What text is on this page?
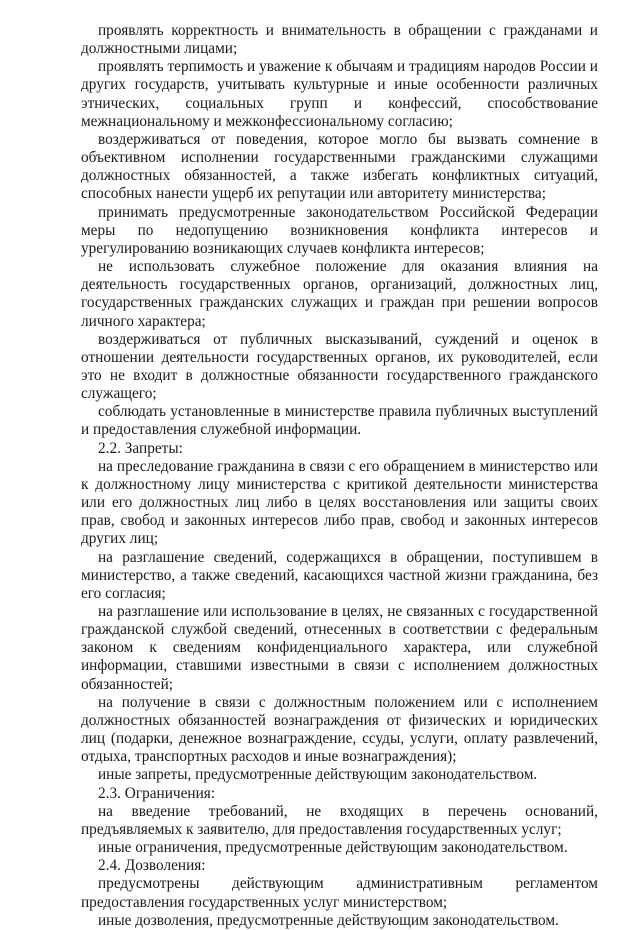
проявлять корректность и внимательность в обращении с гражданами и должностными лицами;

проявлять терпимость и уважение к обычаям и традициям народов России и других государств, учитывать культурные и иные особенности различных этнических, социальных групп и конфессий, способствование межнациональному и межконфессиональному согласию;

воздерживаться от поведения, которое могло бы вызвать сомнение в объективном исполнении государственными гражданскими служащими должностных обязанностей, а также избегать конфликтных ситуаций, способных нанести ущерб их репутации или авторитету министерства;

принимать предусмотренные законодательством Российской Федерации меры по недопущению возникновения конфликта интересов и урегулированию возникающих случаев конфликта интересов;

не использовать служебное положение для оказания влияния на деятельность государственных органов, организаций, должностных лиц, государственных гражданских служащих и граждан при решении вопросов личного характера;

воздерживаться от публичных высказываний, суждений и оценок в отношении деятельности государственных органов, их руководителей, если это не входит в должностные обязанности государственного гражданского служащего;

соблюдать установленные в министерстве правила публичных выступлений и предоставления служебной информации.

2.2. Запреты:

на преследование гражданина в связи с его обращением в министерство или к должностному лицу министерства с критикой деятельности министерства или его должностных лиц либо в целях восстановления или защиты своих прав, свобод и законных интересов либо прав, свобод и законных интересов других лиц;

на разглашение сведений, содержащихся в обращении, поступившем в министерство, а также сведений, касающихся частной жизни гражданина, без его согласия;

на разглашение или использование в целях, не связанных с государственной гражданской службой сведений, отнесенных в соответствии с федеральным законом к сведениям конфиденциального характера, или служебной информации, ставшими известными в связи с исполнением должностных обязанностей;

на получение в связи с должностным положением или с исполнением должностных обязанностей вознаграждения от физических и юридических лиц (подарки, денежное вознаграждение, ссуды, услуги, оплату развлечений, отдыха, транспортных расходов и иные вознаграждения);

иные запреты, предусмотренные действующим законодательством.

2.3. Ограничения:

на введение требований, не входящих в перечень оснований, предъявляемых к заявителю, для предоставления государственных услуг;

иные ограничения, предусмотренные действующим законодательством.

2.4. Дозволения:

предусмотрены действующим административным регламентом предоставления государственных услуг министерством;

иные дозволения, предусмотренные действующим законодательством.
